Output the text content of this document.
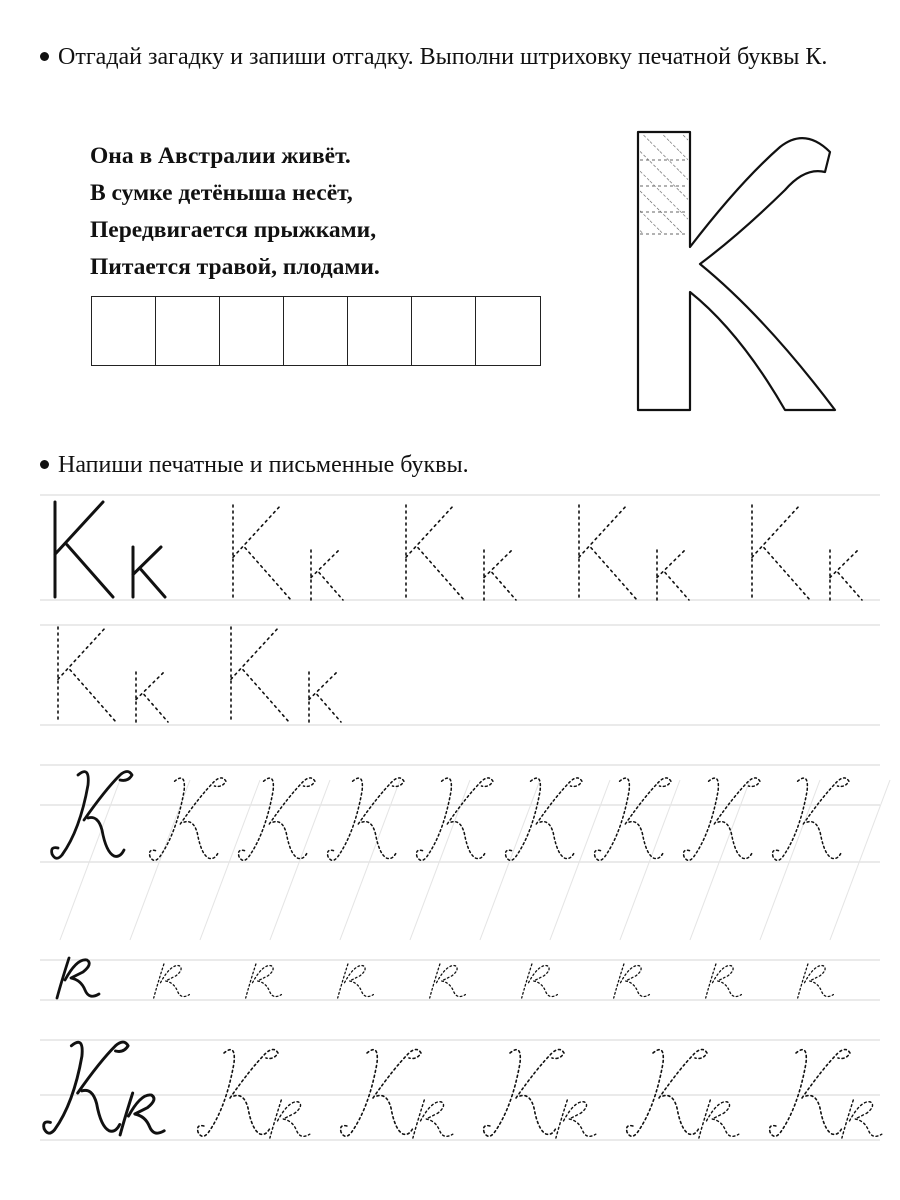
Отгадай загадку и запиши отгадку. Выполни штриховку печатной буквы К.
Она в Австралии живёт.
В сумке детёныша несёт,
Передвигается прыжками,
Питается травой, плодами.
Напиши печатные и письменные буквы.
